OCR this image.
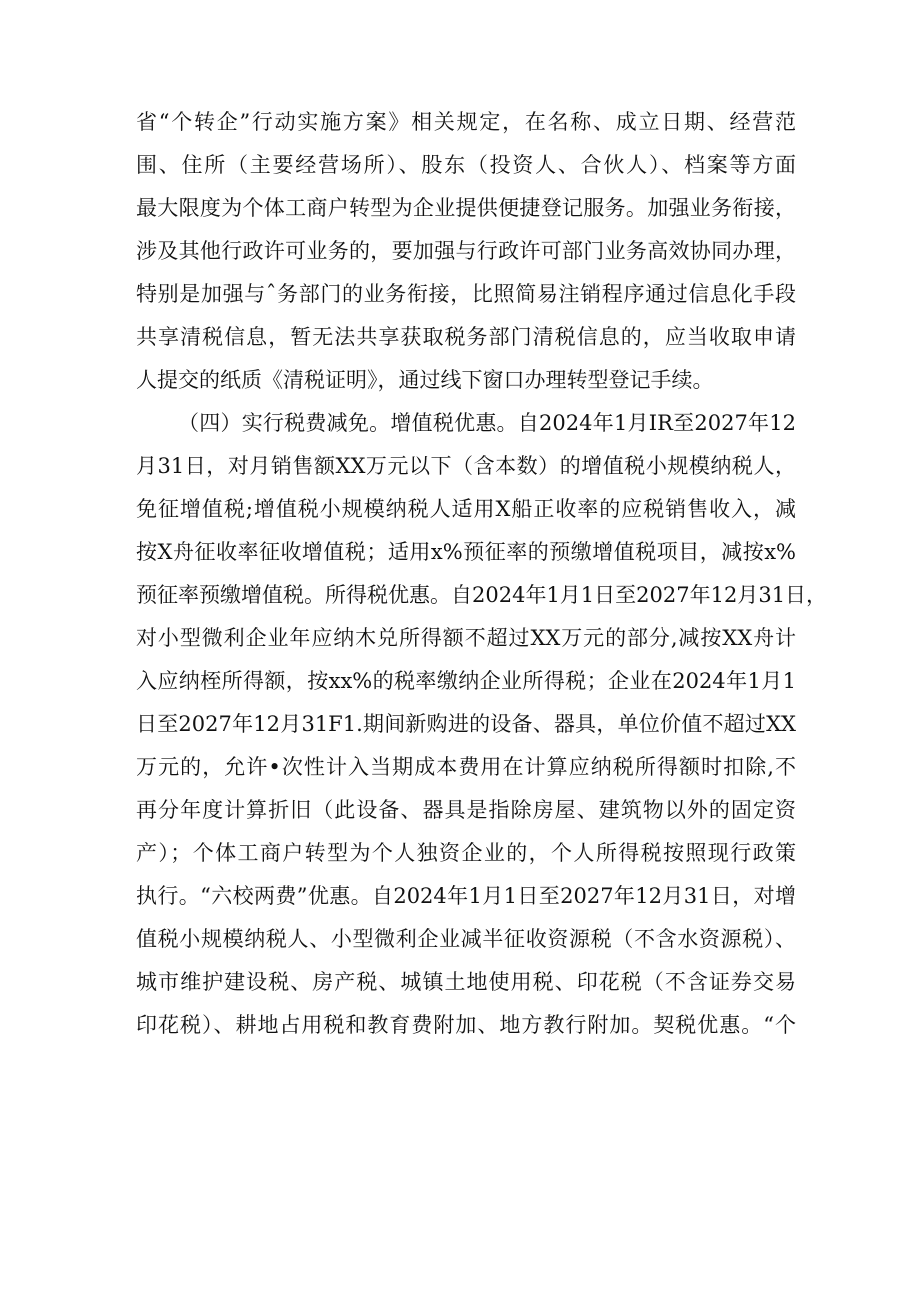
省“个转企”行动实施方案》相关规定，在名称、成立日期、经营范
围、住所（主要经营场所）、股东（投资人、合伙人）、档案等方面
最大限度为个体工商户转型为企业提供便捷登记服务。加强业务衔接，
涉及其他行政许可业务的，要加强与行政许可部门业务高效协同办理，
特别是加强与ˆ务部门的业务衔接，比照简易注销程序通过信息化手段
共享清税信息，暂无法共享获取税务部门清税信息的，应当收取申请
人提交的纸质《清税证明》，通过线下窗口办理转型登记手续。
（四）实行税费减免。增值税优惠。自2024年1月IR至2027年12
月31日，对月销售额XX万元以下（含本数）的增值税小规模纳税人，
免征增值税;增值税小规模纳税人适用X船正收率的应税销售收入，减
按X舟征收率征收增值税；适用x%预征率的预缴增值税项目，减按x%
预征率预缴增值税。所得税优惠。自2024年1月1日至2027年12月31日，
对小型微利企业年应纳木兑所得额不超过XX万元的部分,减按XX舟计
入应纳桎所得额，按xx%的税率缴纳企业所得税；企业在2024年1月1
日至2027年12月31F1.期间新购进的设备、器具，单位价值不超过XX
万元的，允许•次性计入当期成本费用在计算应纳税所得额时扣除,不
再分年度计算折旧（此设备、器具是指除房屋、建筑物以外的固定资
产）；个体工商户转型为个人独资企业的，个人所得税按照现行政策
执行。“六校两费”优惠。自2024年1月1日至2027年12月31日，对增
值税小规模纳税人、小型微利企业减半征收资源税（不含水资源税）、
城市维护建设税、房产税、城镇土地使用税、印花税（不含证券交易
印花税）、耕地占用税和教育费附加、地方教行附加。契税优惠。“个
